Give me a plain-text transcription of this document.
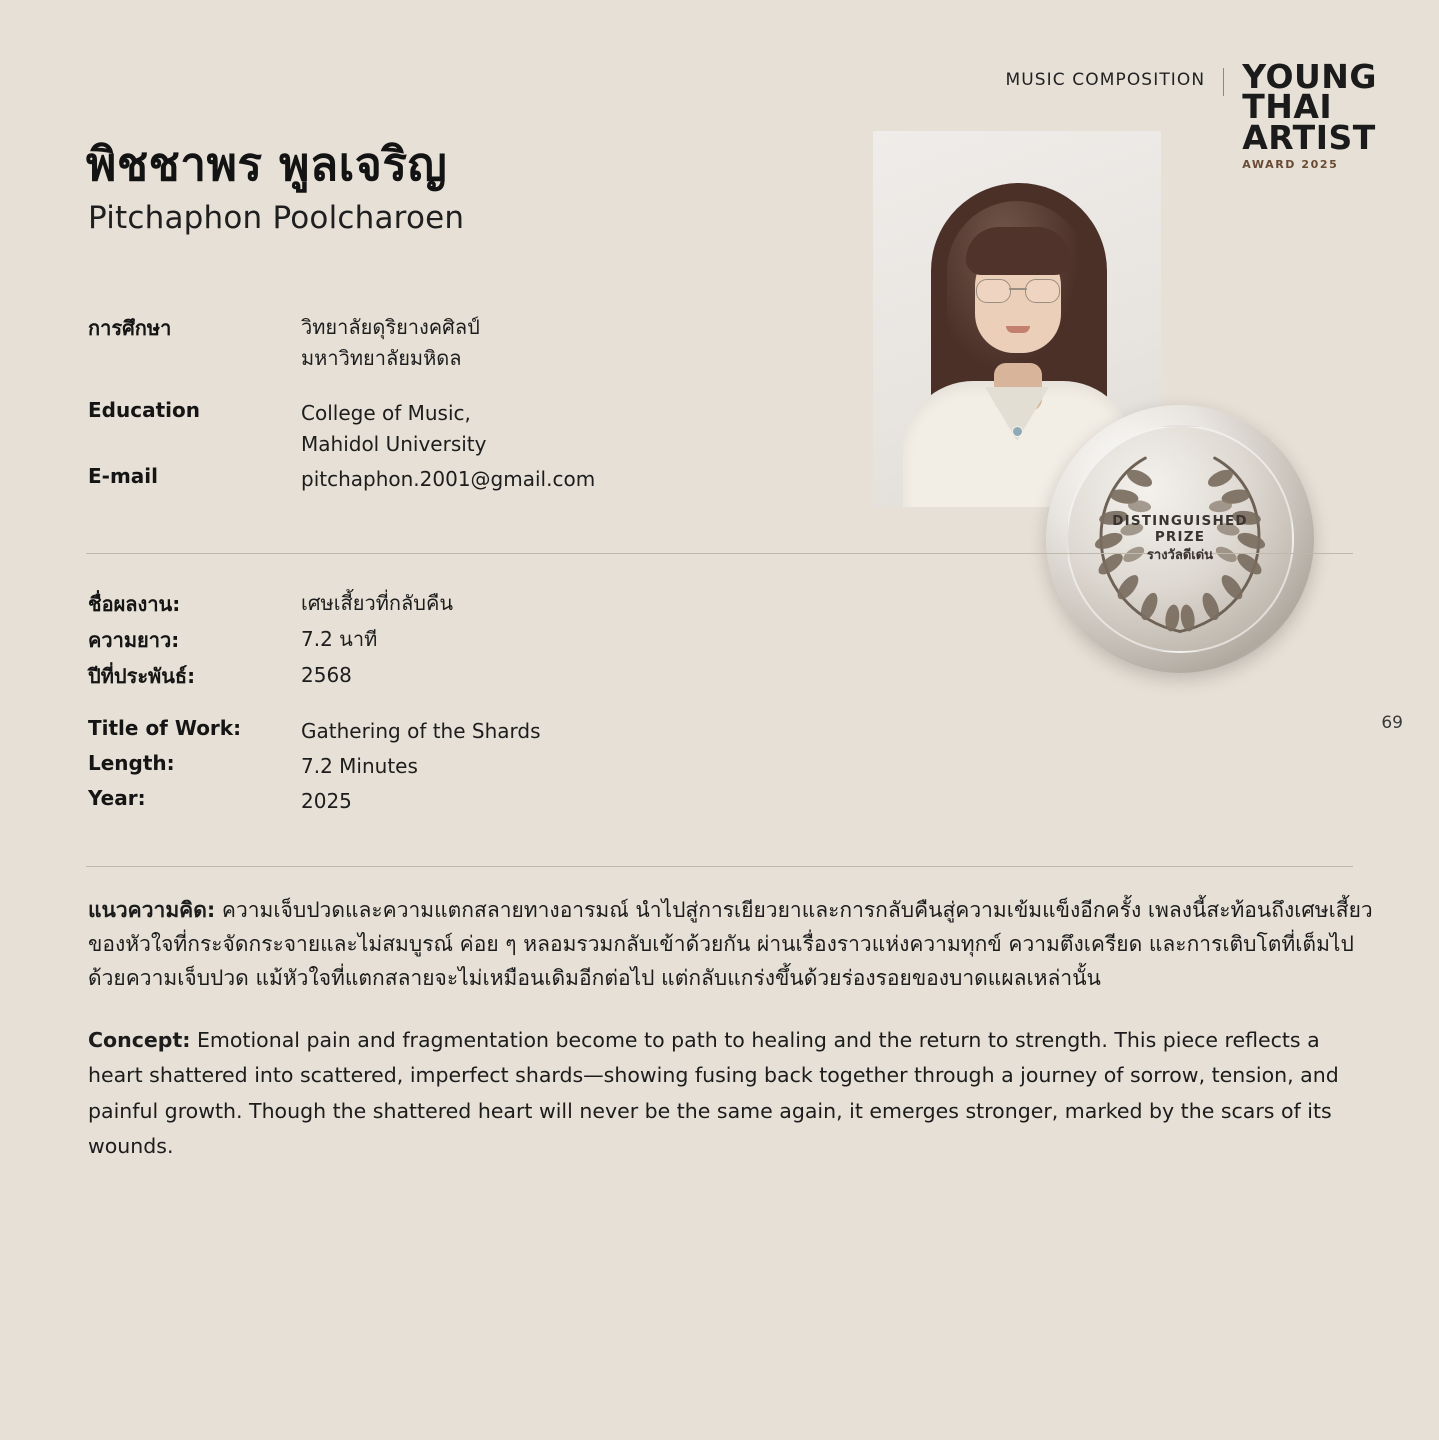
MUSIC COMPOSITION YOUNG
THAI
ARTIST
AWARD 2025
พิชชาพร พูลเจริญ
Pitchaphon Poolcharoen
การศึกษา	วิทยาลัยดุริยางคศิลป์
มหาวิทยาลัยมหิดล
Education	College of Music,
Mahidol University
E-mail	pitchaphon.2001@gmail.com
DISTINGUISHED
PRIZE
รางวัลดีเด่น
ชื่อผลงาน:	เศษเสี้ยวที่กลับคืน
ความยาว:	7.2 นาที
ปีที่ประพันธ์:	2568
Title of Work:	Gathering of the Shards
Length:	7.2 Minutes
Year:	2025
69

แนวความคิด: ความเจ็บปวดและความแตกสลายทางอารมณ์ นำไปสู่การเยียวยาและการกลับคืนสู่ความเข้มแข็งอีกครั้ง เพลงนี้สะท้อนถึงเศษเสี้ยวของหัวใจที่กระจัดกระจายและไม่สมบูรณ์ ค่อย ๆ หลอมรวมกลับเข้าด้วยกัน ผ่านเรื่องราวแห่งความทุกข์ ความตึงเครียด และการเติบโตที่เต็มไปด้วยความเจ็บปวด แม้หัวใจที่แตกสลายจะไม่เหมือนเดิมอีกต่อไป แต่กลับแกร่งขึ้นด้วยร่องรอยของบาดแผลเหล่านั้น

Concept: Emotional pain and fragmentation become to path to healing and the return to strength. This piece reflects a heart shattered into scattered, imperfect shards—showing fusing back together through a journey of sorrow, tension, and painful growth. Though the shattered heart will never be the same again, it emerges stronger, marked by the scars of its wounds.
